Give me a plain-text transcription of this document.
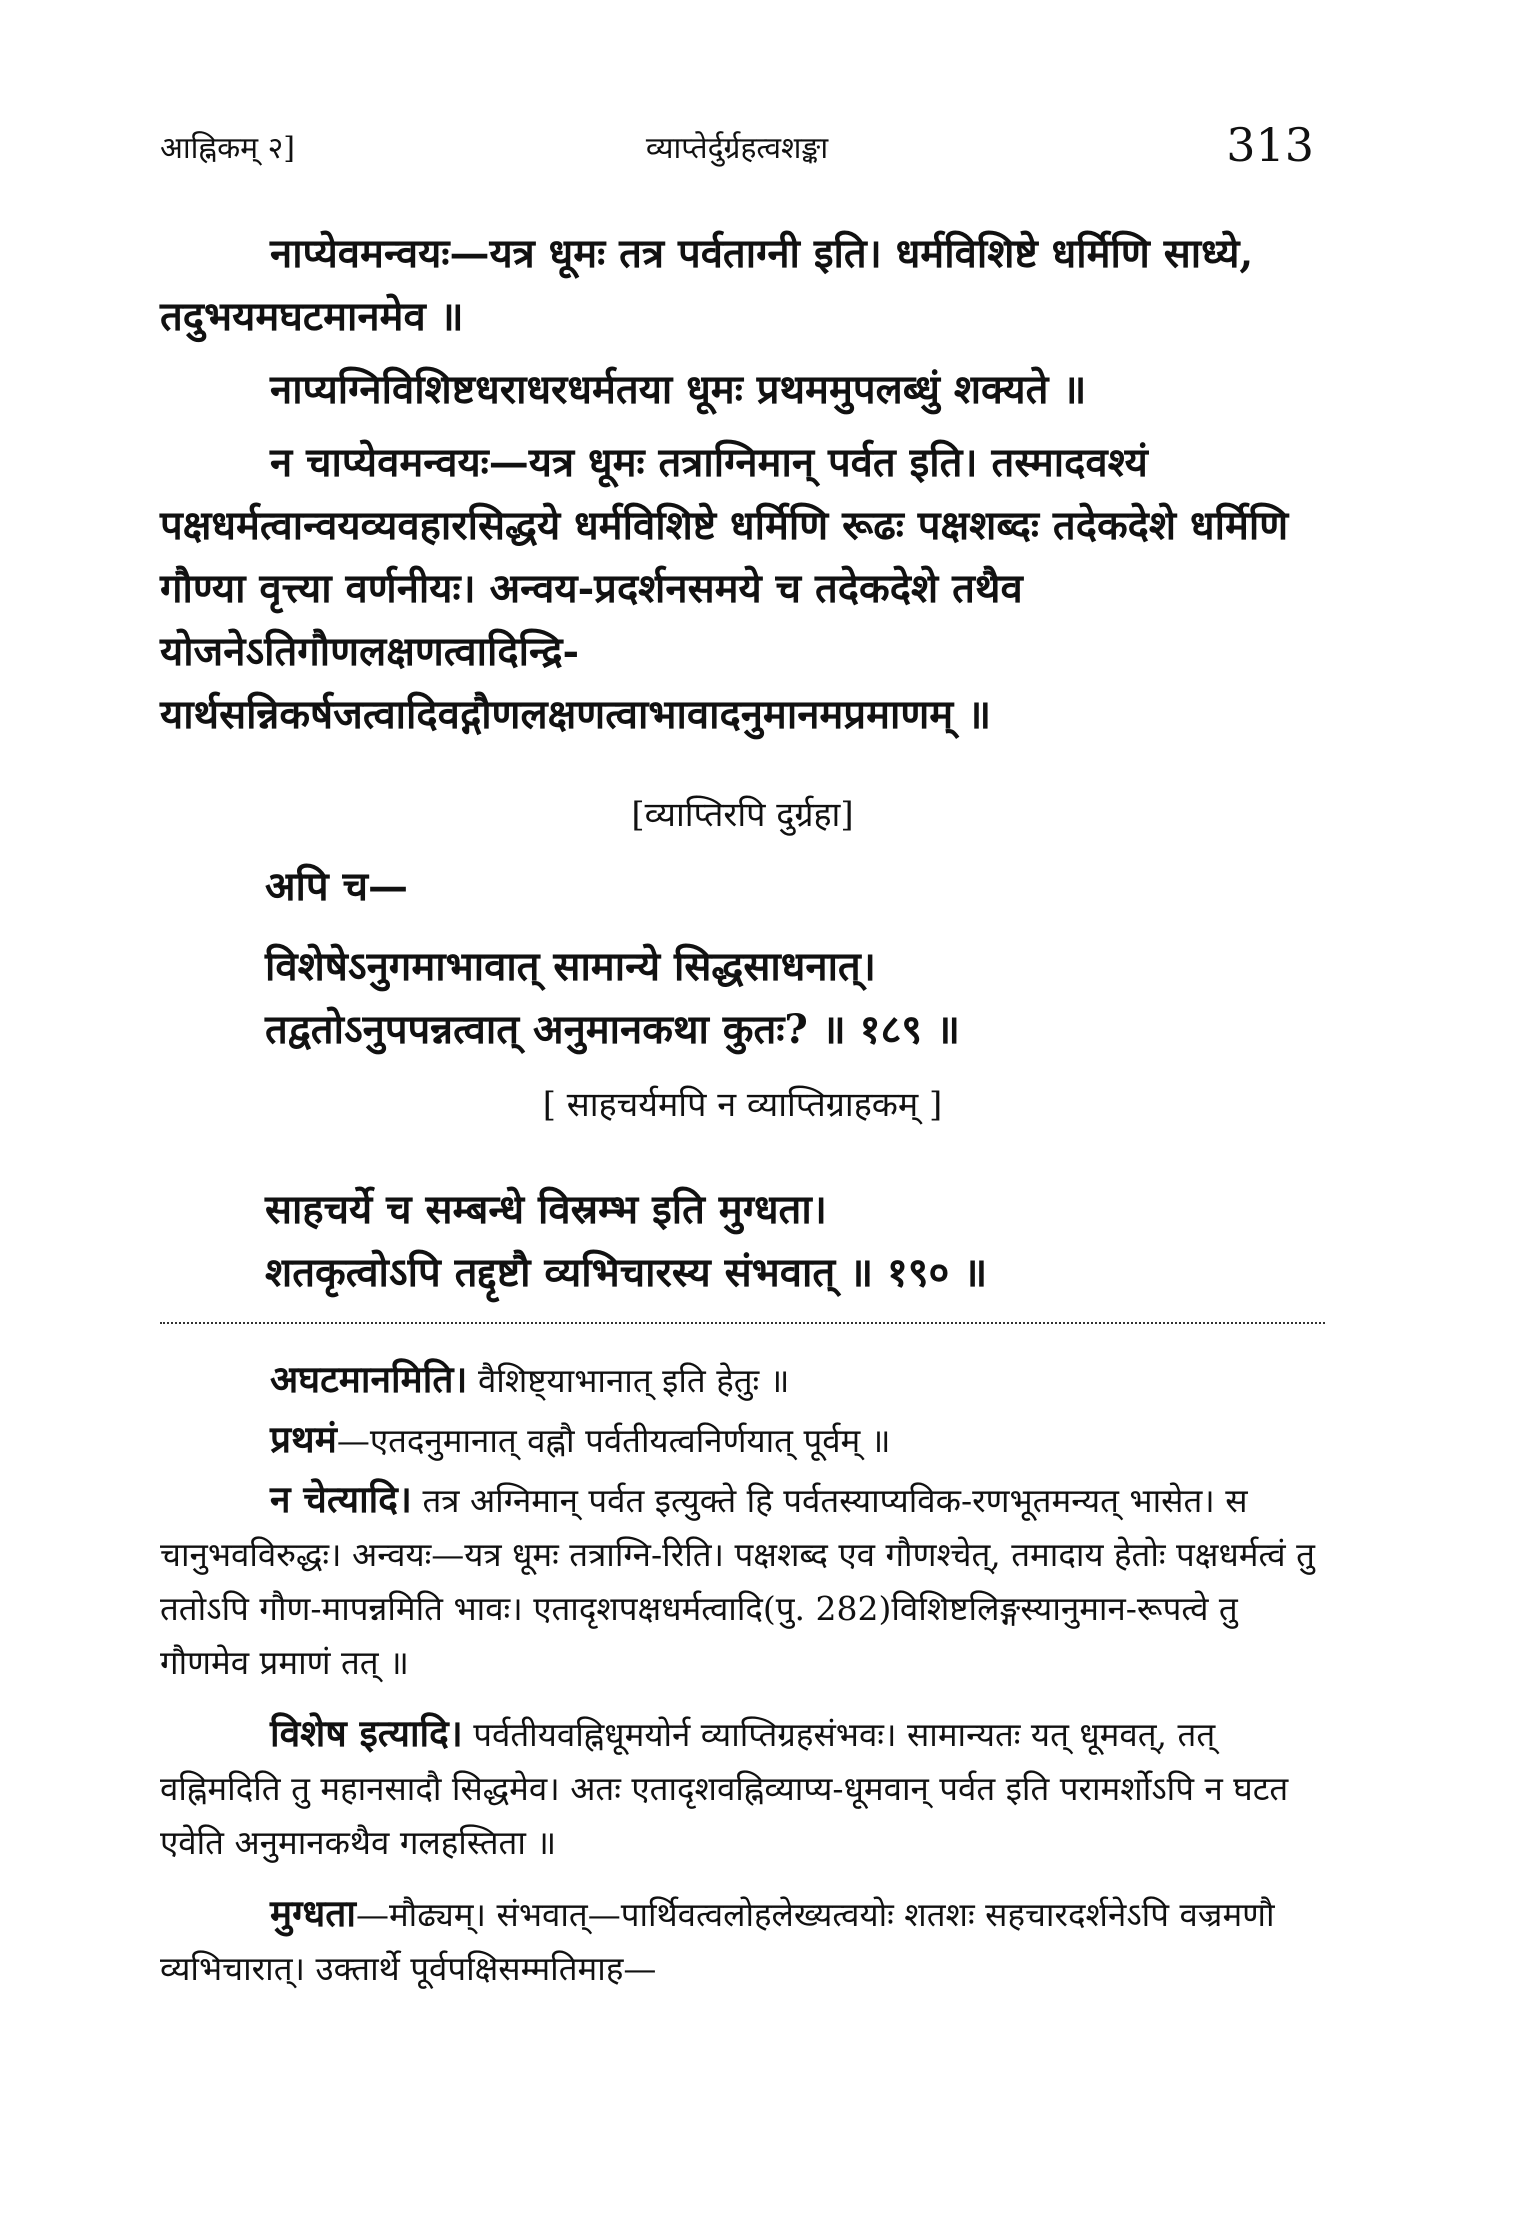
आह्निकम् २]	व्याप्तेर्दुर्ग्रहत्वशङ्का	313

नाप्येवमन्वयः—यत्र धूमः तत्र पर्वताग्नी इति। धर्मविशिष्टे धर्मिणि साध्ये, तदुभयमघटमानमेव ॥

नाप्यग्निविशिष्टधराधरधर्मतया धूमः प्रथममुपलब्धुं शक्यते ॥

न चाप्येवमन्वयः—यत्र धूमः तत्राग्निमान् पर्वत इति। तस्मादवश्यं पक्षधर्मत्वान्वयव्यवहारसिद्धये धर्मविशिष्टे धर्मिणि रूढः पक्षशब्दः तदेकदेशे धर्मिणि गौण्या वृत्त्या वर्णनीयः। अन्वय-प्रदर्शनसमये च तदेकदेशे तथैव योजनेऽतिगौणलक्षणत्वादिन्द्रि-यार्थसन्निकर्षजत्वादिवद्गौणलक्षणत्वाभावादनुमानमप्रमाणम् ॥

[व्याप्तिरपि दुर्ग्रहा]
अपि च—

विशेषेऽनुगमाभावात् सामान्ये सिद्धसाधनात्।

तद्वतोऽनुपपन्नत्वात् अनुमानकथा कुतः? ॥ १८९ ॥

[ साहचर्यमपि न व्याप्तिग्राहकम् ]

साहचर्ये च सम्बन्धे विस्रम्भ इति मुग्धता।

शतकृत्वोऽपि तद्दृष्टौ व्यभिचारस्य संभवात् ॥ १९० ॥

अघटमानमिति। वैशिष्ट्याभानात् इति हेतुः ॥

प्रथमं—एतदनुमानात् वह्नौ पर्वतीयत्वनिर्णयात् पूर्वम् ॥

न चेत्यादि। तत्र अग्निमान् पर्वत इत्युक्ते हि पर्वतस्याप्यविक-रणभूतमन्यत् भासेत। स चानुभवविरुद्धः। अन्वयः—यत्र धूमः तत्राग्नि-रिति। पक्षशब्द एव गौणश्चेत्, तमादाय हेतोः पक्षधर्मत्वं तु ततोऽपि गौण-मापन्नमिति भावः। एतादृशपक्षधर्मत्वादि(पु. 282)विशिष्टलिङ्गस्यानुमान-रूपत्वे तु गौणमेव प्रमाणं तत् ॥

विशेष इत्यादि। पर्वतीयवह्निधूमयोर्न व्याप्तिग्रहसंभवः। सामान्यतः यत् धूमवत्, तत् वह्निमदिति तु महानसादौ सिद्धमेव। अतः एतादृशवह्निव्याप्य-धूमवान् पर्वत इति परामर्शोऽपि न घटत एवेति अनुमानकथैव गलहस्तिता ॥

मुग्धता—मौढ्यम्। संभवात्—पार्थिवत्वलोहलेख्यत्वयोः शतशः सहचारदर्शनेऽपि वज्रमणौ व्यभिचारात्। उक्तार्थे पूर्वपक्षिसम्मतिमाह—
